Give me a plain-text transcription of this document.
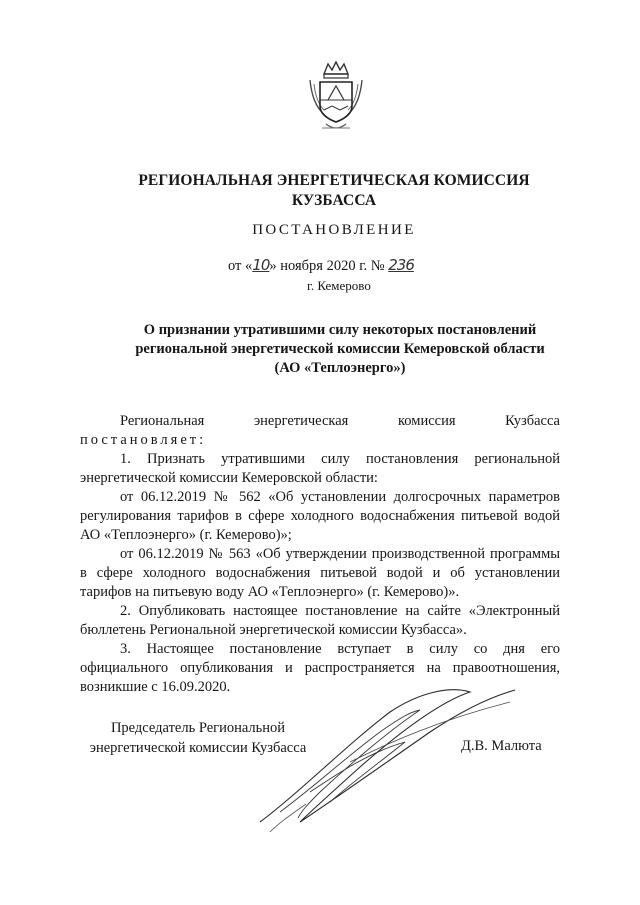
РЕГИОНАЛЬНАЯ ЭНЕРГЕТИЧЕСКАЯ КОМИССИЯ
КУЗБАССА
ПОСТАНОВЛЕНИЕ
от «10» ноября 2020 г. № 236
г. Кемерово
О признании утратившими силу некоторых постановлений
региональной энергетической комиссии Кемеровской области
(АО «Теплоэнерго»)
Региональная	энергетическая	комиссия	Кузбасса
постановляет:
1. Признать утратившими силу постановления региональной
энергетической комиссии Кемеровской области:
от 06.12.2019 № 562 «Об установлении долгосрочных параметров
регулирования тарифов в сфере холодного водоснабжения питьевой водой
АО «Теплоэнерго» (г. Кемерово)»;
от 06.12.2019 № 563 «Об утверждении производственной программы
в сфере холодного водоснабжения питьевой водой и об установлении
тарифов на питьевую воду АО «Теплоэнерго» (г. Кемерово)».
2. Опубликовать настоящее постановление на сайте «Электронный
бюллетень Региональной энергетической комиссии Кузбасса».
3. Настоящее постановление вступает в силу со дня его
официального опубликования и распространяется на правоотношения,
возникшие с 16.09.2020.
Председатель Региональной
энергетической комиссии Кузбасса	Д.В. Малюта
